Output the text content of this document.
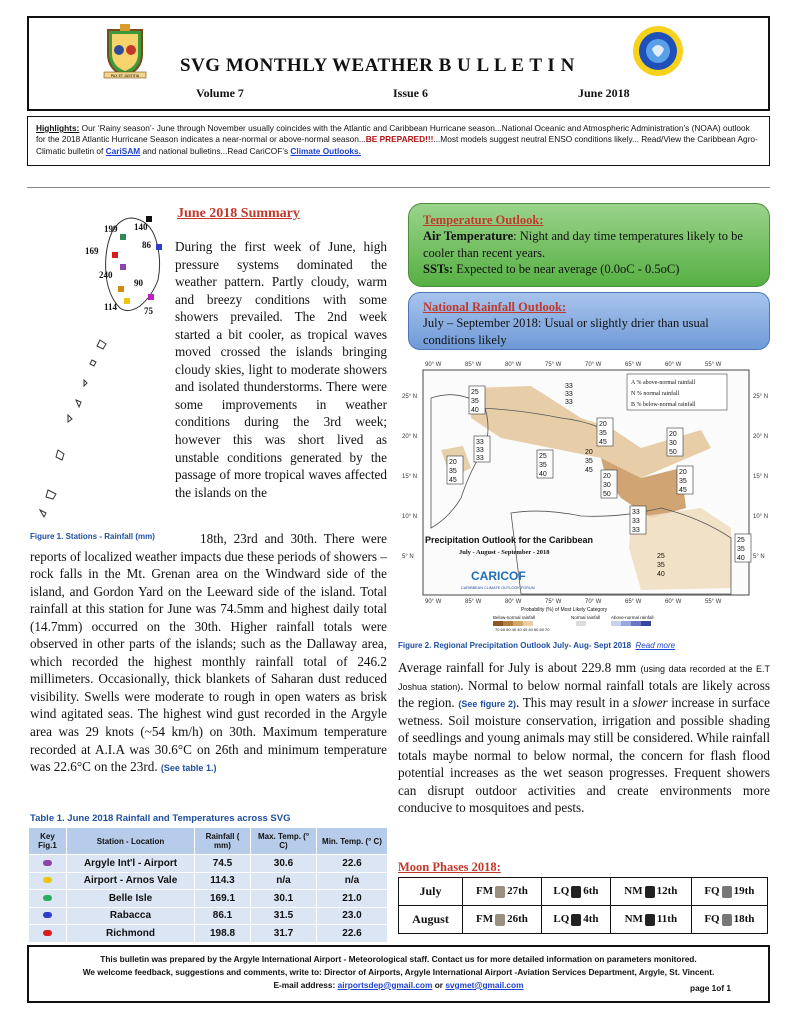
PAX ET JUSTITIA SVG MONTHLY WEATHER B U L L E T I N
Volume 7	Issue 6	June 2018
Highlights: Our ‘Rainy season’- June through November usually coincides with the Atlantic and Caribbean Hurricane season...National Oceanic and Atmospheric Administration’s (NOAA) outlook for the 2018 Atlantic Hurricane Season indicates a near-normal or above-normal season...BE PREPARED!!!...Most models suggest neutral ENSO conditions likely... Read/View the Caribbean Agro-Climatic bulletin of CariSAM and national bulletins...Read CariCOF’s Climate Outlooks.
140
199
86
169
240
90
114	75
June 2018 Summary
During the first week of June, high pressure systems dominated the weather pattern. Partly cloudy, warm and breezy conditions with some showers prevailed. The 2nd week started a bit cooler, as tropical waves moved crossed the islands bringing cloudy skies, light to moderate showers and isolated thunderstorms. There were some improvements in weather conditions during the 3rd week; however this was short lived as unstable conditions generated by the passage of more tropical waves affected the islands on the
Figure 1. Stations - Rainfall (mm)	18th, 23rd and 30th. There were reports of localized weather impacts due these periods of showers –rock falls in the Mt. Grenan area on the Windward side of the island, and Gordon Yard on the Leeward side of the island. Total rainfall at this station for June was 74.5mm and highest daily total (14.7mm) occurred on the 30th. Higher rainfall totals were observed in other parts of the islands; such as the Dallaway area, which recorded the highest monthly rainfall total of 246.2 millimeters. Occasionally, thick blankets of Saharan dust reduced visibility. Swells were moderate to rough in open waters as brisk wind agitated seas. The highest wind gust recorded in the Argyle area was 29 knots (~54 km/h) on 30th. Maximum temperature recorded at A.I.A was 30.6°C on 26th and minimum temperature was 22.6°C on the 23rd. (See table 1.)
Table 1. June 2018 Rainfall and Temperatures across SVG
Key Fig.1	Station - Location	Rainfall ( mm)	Max. Temp. (° C)	Min. Temp. (° C)
	Argyle Int'l - Airport	74.5	30.6	22.6
	Airport - Arnos Vale	114.3	n/a	n/a
	Belle Isle	169.1	30.1	21.0
	Rabacca	86.1	31.5	23.0
	Richmond	198.8	31.7	22.6
Temperature Outlook:
Air Temperature: Night and day time temperatures likely to be cooler than recent years.
SSTs: Expected to be near average (0.0oC - 0.5oC)
National Rainfall Outlook:
July – September 2018: Usual or slightly drier than usual conditions likely
90° W	85° W	80° W	75° W	70° W	65° W	60° W	55° W
90° W	85° W	80° W	75° W	70° W	65° W	60° W	55° W
25° N
20° N
15° N
10° N
5° N
25° N
20° N
15° N
10° N
5° N
A % above-normal rainfall
N % normal rainfall
B % below-normal rainfall
25
35
40
33
33
33
20
35
45
33
33
33
20
35
45
25
35
40
20
35
45
20
30
50
20
30
50
20
35
45
33
33
33
25
35
40
25
35
40
Precipitation Outlook for the Caribbean
July - August - September - 2018
CARICOF
CARIBBEAN CLIMATE OUTLOOK FORUM
Probability (%) of Most Likely Category
Below-normal rainfall	Normal rainfall Above-normal rainfall
70 60 50 40 40 40 40 50 60 70
Figure 2. Regional Precipitation Outlook July- Aug- Sept 2018 Read more
Average rainfall for July is about 229.8 mm (using data recorded at the E.T Joshua station). Normal to below normal rainfall totals are likely across the region. (See figure 2). This may result in a slower increase in surface wetness. Soil moisture conservation, irrigation and possible shading of seedlings and young animals may still be considered. While rainfall totals maybe normal to below normal, the concern for flash flood potential increases as the wet season progresses. Frequent showers can disrupt outdoor activities and create environments more conducive to mosquitoes and pests.
Moon Phases 2018:
July	FM 27th	LQ 6th	NM 12th	FQ 19th
August	FM 26th	LQ 4th	NM 11th	FQ 18th
This bulletin was prepared by the Argyle International Airport - Meteorological staff. Contact us for more detailed information on parameters monitored.
We welcome feedback, suggestions and comments, write to: Director of Airports, Argyle International Airport -Aviation Services Department, Argyle, St. Vincent.
E-mail address: airportsdep@gmail.com or svgmet@gmail.com	page 1of 1
